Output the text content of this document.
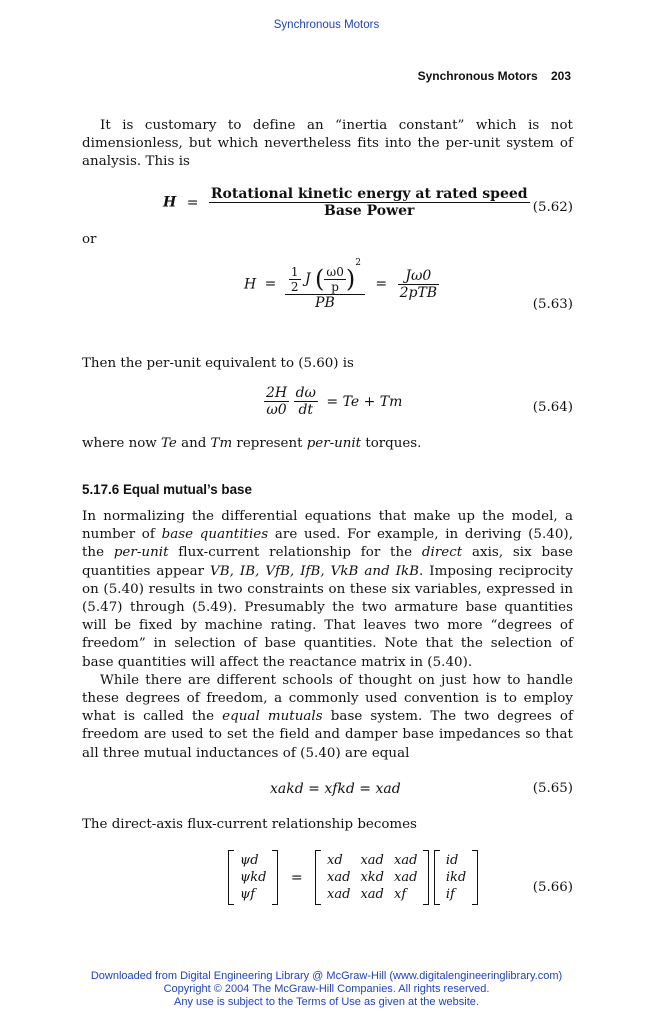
Synchronous Motors
Synchronous Motors 203

It is customary to define an “inertia constant” which is not dimensionless, but which nevertheless fits into the per-unit system of analysis. This is

$H = \frac{\text{Rotational kinetic energy at rated speed}}{\text{Base Power}} (5.62)$
or
$H = \frac{1}{2}$ J ( $\frac{\omega 0}{p} )^2$
PB
= $\frac{J\omega 0}{\text{2pTB}}$
(5.63)
Then the per-unit equivalent to (5.60) is
$\frac{2H}{\omega 0}$
$\frac{d\omega}{dt} = Te + Tm$	(5.64)
where now Te and Tm represent per-unit torques.
5.17.6 Equal mutual’s base

In normalizing the differential equations that make up the model, a number of base quantities are used. For example, in deriving (5.40), the per-unit flux-current relationship for the direct axis, six base quantities appear VB, IB, VfB, IfB, VkB and IkB. Imposing reciprocity on (5.40) results in two constraints on these six variables, expressed in (5.47) through (5.49). Presumably the two armature base quantities will be fixed by machine rating. That leaves two more “degrees of freedom” in selection of base quantities. Note that the selection of base quantities will affect the reactance matrix in (5.40).

While there are different schools of thought on just how to handle these degrees of freedom, a commonly used convention is to employ what is called the equal mutuals base system. The two degrees of freedom are used to set the field and damper base impedances so that all three mutual inductances of (5.40) are equal

xakd = xfkd = xad	(5.65)
The direct-axis flux-current relationship becomes
ψd
ψkd
ψf
=
xd	xad	xad
xad	xkd	xad
xad	xad	xf

id
ikd
if	(5.66)
Downloaded from Digital Engineering Library @ McGraw-Hill (www.digitalengineeringlibrary.com)
Copyright © 2004 The McGraw-Hill Companies. All rights reserved.
Any use is subject to the Terms of Use as given at the website.
